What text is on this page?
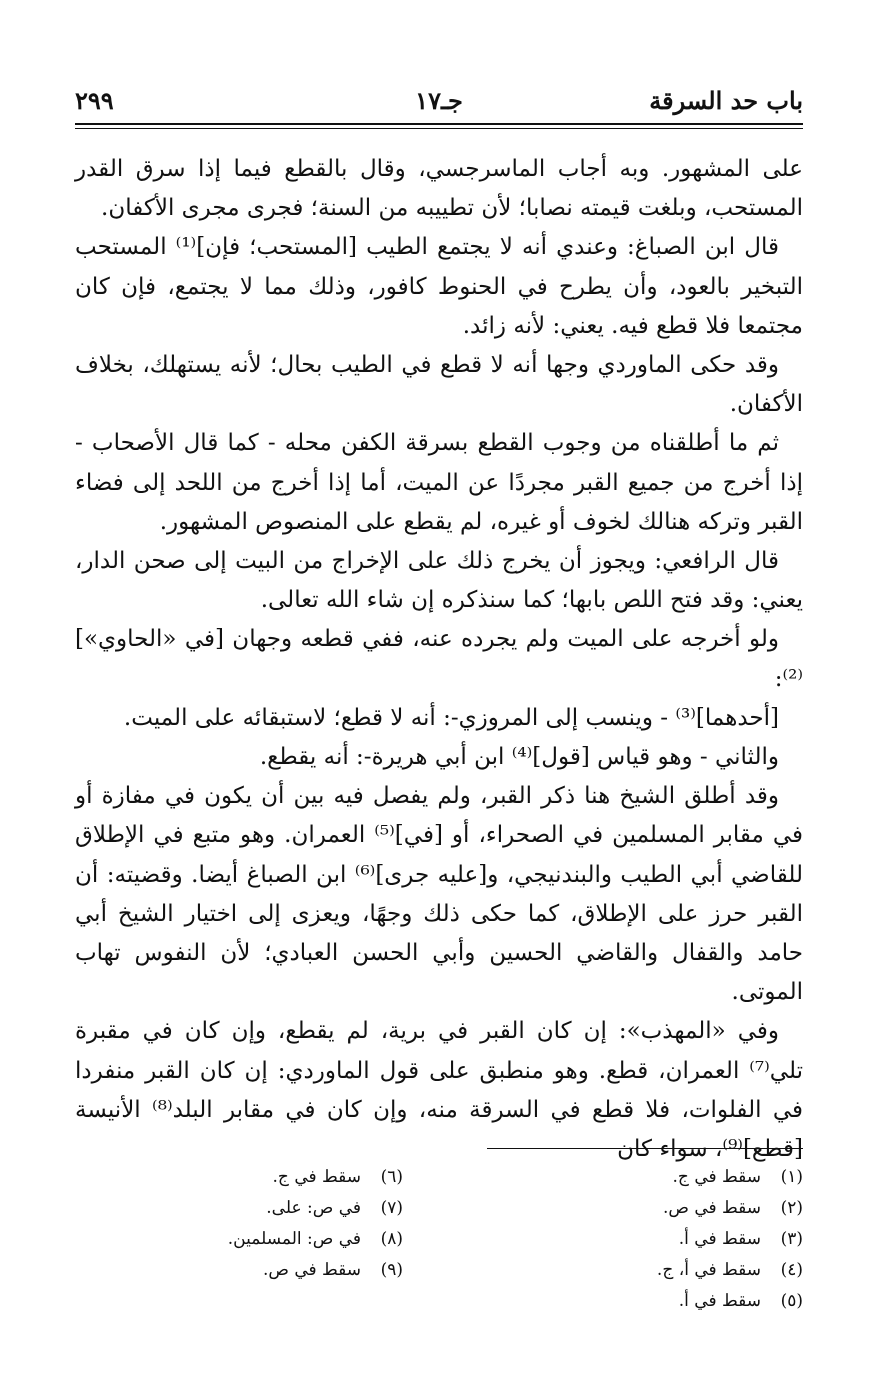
باب حد السرقة
جـ١٧
٢٩٩

على المشهور. وبه أجاب الماسرجسي، وقال بالقطع فيما إذا سرق القدر المستحب، وبلغت قيمته نصابا؛ لأن تطييبه من السنة؛ فجرى مجرى الأكفان.

قال ابن الصباغ: وعندي أنه لا يجتمع الطيب [المستحب؛ فإن]⁽¹⁾ المستحب التبخير بالعود، وأن يطرح في الحنوط كافور، وذلك مما لا يجتمع، فإن كان مجتمعا فلا قطع فيه. يعني: لأنه زائد.

وقد حكى الماوردي وجها أنه لا قطع في الطيب بحال؛ لأنه يستهلك، بخلاف الأكفان.

ثم ما أطلقناه من وجوب القطع بسرقة الكفن محله - كما قال الأصحاب - إذا أخرج من جميع القبر مجردًا عن الميت، أما إذا أخرج من اللحد إلى فضاء القبر وتركه هنالك لخوف أو غيره، لم يقطع على المنصوص المشهور.

قال الرافعي: ويجوز أن يخرج ذلك على الإخراج من البيت إلى صحن الدار، يعني: وقد فتح اللص بابها؛ كما سنذكره إن شاء الله تعالى.

ولو أخرجه على الميت ولم يجرده عنه، ففي قطعه وجهان [في «الحاوي»]⁽²⁾:

[أحدهما]⁽³⁾ - وينسب إلى المروزي-: أنه لا قطع؛ لاستبقائه على الميت.

والثاني - وهو قياس [قول]⁽⁴⁾ ابن أبي هريرة-: أنه يقطع.

وقد أطلق الشيخ هنا ذكر القبر، ولم يفصل فيه بين أن يكون في مفازة أو في مقابر المسلمين في الصحراء، أو [في]⁽⁵⁾ العمران. وهو متبع في الإطلاق للقاضي أبي الطيب والبندنيجي، و[عليه جرى]⁽⁶⁾ ابن الصباغ أيضا. وقضيته: أن القبر حرز على الإطلاق، كما حكى ذلك وجهًا، ويعزى إلى اختيار الشيخ أبي حامد والقفال والقاضي الحسين وأبي الحسن العبادي؛ لأن النفوس تهاب الموتى.

وفي «المهذب»: إن كان القبر في برية، لم يقطع، وإن كان في مقبرة تلي⁽⁷⁾ العمران، قطع. وهو منطبق على قول الماوردي: إن كان القبر منفردا في الفلوات، فلا قطع في السرقة منه، وإن كان في مقابر البلد⁽⁸⁾ الأنيسة [قطع]⁽⁹⁾، سواء كان

(١)سقط في ج.
(٢)سقط في ص.
(٣)سقط في أ.
(٤)سقط في أ، ج.
(٥)سقط في أ.
(٦)سقط في ج.
(٧)في ص: على.
(٨)في ص: المسلمين.
(٩)سقط في ص.
